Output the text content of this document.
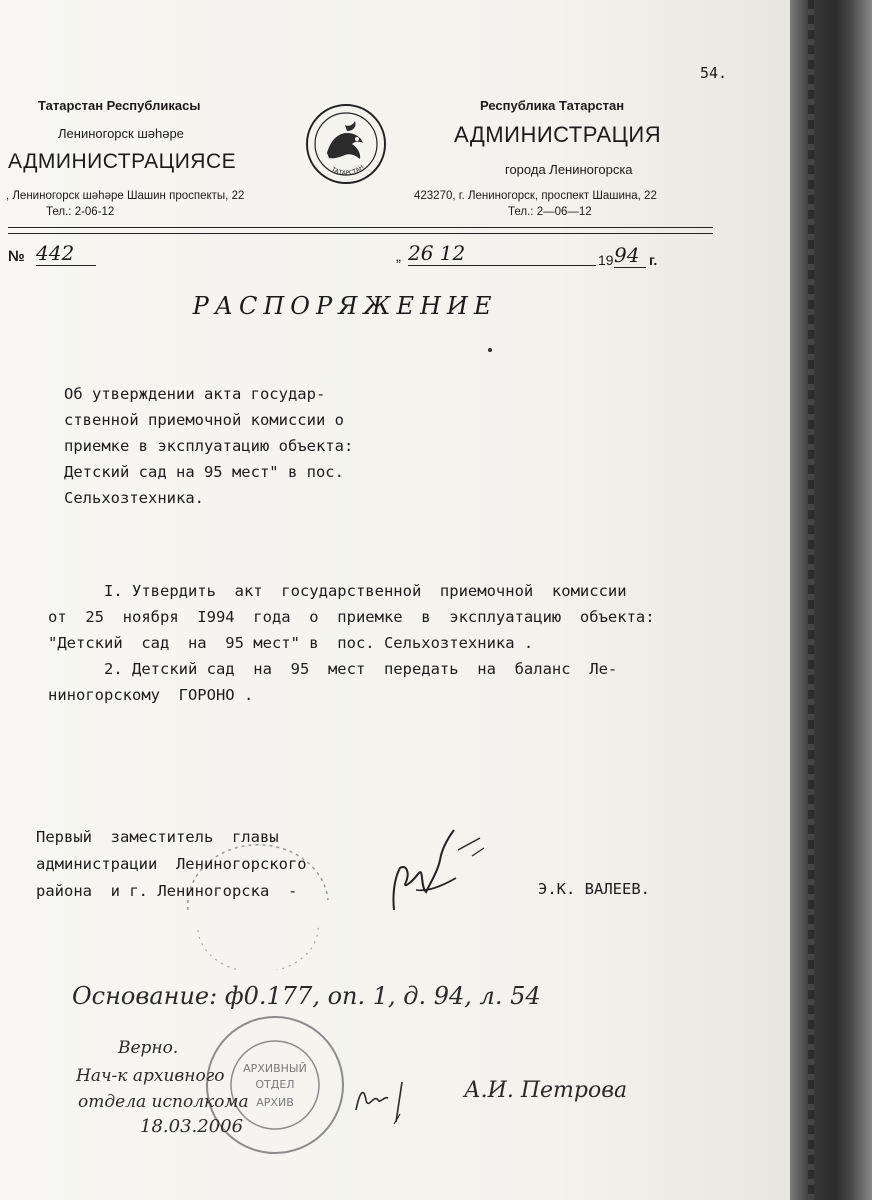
54.
Татарстан Республикасы
Лениногорск шәһәре
АДМИНИСТРАЦИЯСЕ
, Лениногорск шәһәре Шашин проспекты, 22
Тел.: 2-06-12
ТАТАРСТАН
Республика Татарстан
АДМИНИСТРАЦИЯ
города Лениногорска
423270, г. Лениногорск, проспект Шашина, 22
Тел.: 2—06—12
№ 442	„ 26 12	19 94 г.
РАСПОРЯЖЕНИЕ
Об утверждении акта государ-
ственной приемочной комиссии о
приемке в эксплуатацию объекта:
Детский сад на 95 мест" в пос.
Сельхозтехника.
I. Утвердить  акт  государственной  приемочной  комиссии
от  25  ноября  I994  года  о  приемке  в  эксплуатацию  объекта:
"Детский  сад  на  95 мест" в  пос. Сельхозтехника .
2. Детский сад  на  95  мест  передать  на  баланс  Ле-
ниногорскому  ГОРОНО .
Первый  заместитель  главы
администрации  Лениногорского
района  и г. Лениногорска  -	Э.К. ВАЛЕЕВ.
Основание: ф0.177, оп. 1, д. 94, л. 54
АРХИВНЫЙ
ОТДЕЛ
АРХИВ
Верно.
Нач-к архивного
отдела исполкома
18.03.2006
А.И. Петрова
